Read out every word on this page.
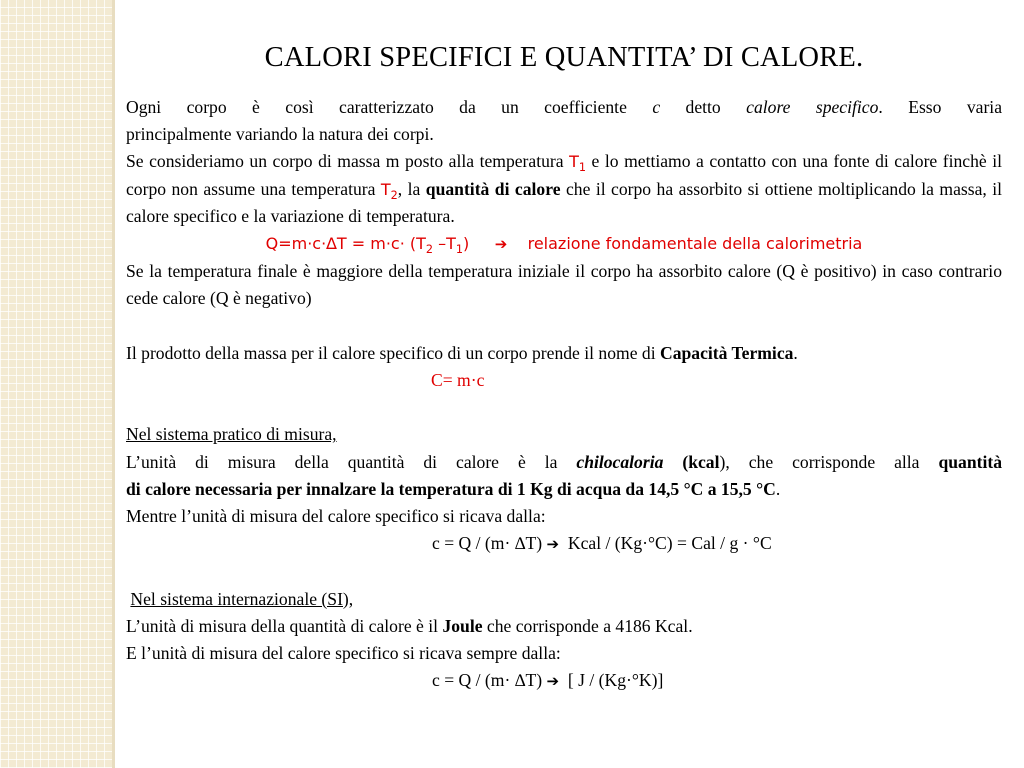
CALORI SPECIFICI E QUANTITA’ DI CALORE.

Ogni corpo è così caratterizzato da un coefficiente c detto calore specifico. Esso varia

principalmente variando la natura dei corpi.

Se consideriamo un corpo di massa m posto alla temperatura $T_1$ e lo mettiamo a contatto con una fonte di calore finchè il corpo non assume una temperatura $T_2$, la quantità di calore che il corpo ha assorbito si ottiene moltiplicando la massa, il calore specifico e la variazione di temperatura.

$Q=m\cdot c\cdot\Delta T = m\cdot c\cdot (T_2$ $-T_1$) ➔ relazione fondamentale della calorimetria

Se la temperatura finale è maggiore della temperatura iniziale il corpo ha assorbito calore (Q è positivo) in caso contrario cede calore (Q è negativo)

Il prodotto della massa per il calore specifico di un corpo prende il nome di Capacità Termica.

C= m·c

Nel sistema pratico di misura,

L’unità di misura della quantità di calore è la chilocaloria (kcal), che corrisponde alla quantità

di calore necessaria per innalzare la temperatura di 1 Kg di acqua da 14,5 °C a 15,5 °C.

Mentre l’unità di misura del calore specifico si ricava dalla:

c = Q / (m· ∆T) ➔ Kcal / (Kg·°C) = Cal / g · °C

Nel sistema internazionale (SI),

L’unità di misura della quantità di calore è il Joule che corrisponde a 4186 Kcal.

E l’unità di misura del calore specifico si ricava sempre dalla:

c = Q / (m· ∆T) ➔ [ J / (Kg·°K)]
